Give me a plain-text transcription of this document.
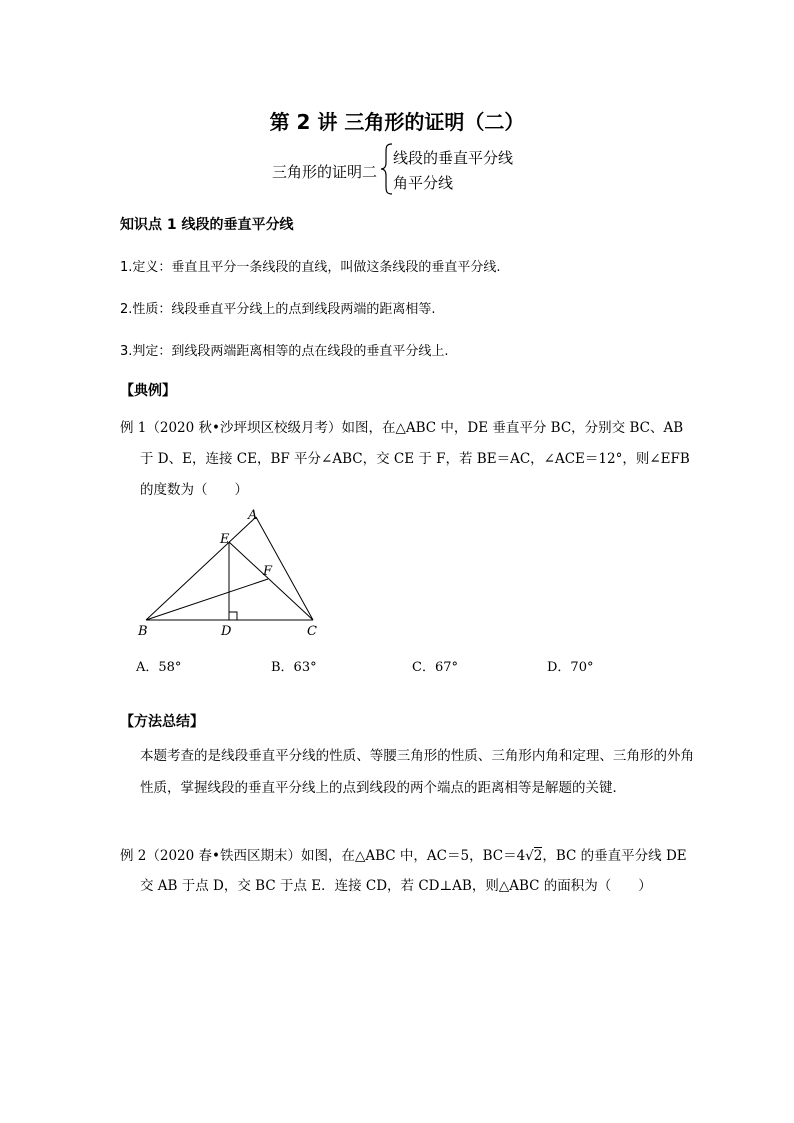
第 2 讲 三角形的证明（二）
三角形的证明二
线段的垂直平分线
角平分线
知识点 1 线段的垂直平分线
1.定义：垂直且平分一条线段的直线，叫做这条线段的垂直平分线.
2.性质：线段垂直平分线上的点到线段两端的距离相等.
3.判定：到线段两端距离相等的点在线段的垂直平分线上.
【典例】
例 1（2020 秋•沙坪坝区校级月考）如图，在△ABC 中，DE 垂直平分 BC，分别交 BC、AB
于 D、E，连接 CE，BF 平分∠ABC，交 CE 于 F，若 BE＝AC，∠ACE＝12°，则∠EFB
的度数为（　　）
A
E
F
B	D	C
A．58°	B．63°	C．67°	D．70°
【方法总结】
本题考查的是线段垂直平分线的性质、等腰三角形的性质、三角形内角和定理、三角形的外角性质，掌握线段的垂直平分线上的点到线段的两个端点的距离相等是解题的关键．
例 2（2020 春•铁西区期末）如图，在△ABC 中，AC＝5，BC＝4√2，BC 的垂直平分线 DE
交 AB 于点 D，交 BC 于点 E．连接 CD，若 CD⊥AB，则△ABC 的面积为（　　）
